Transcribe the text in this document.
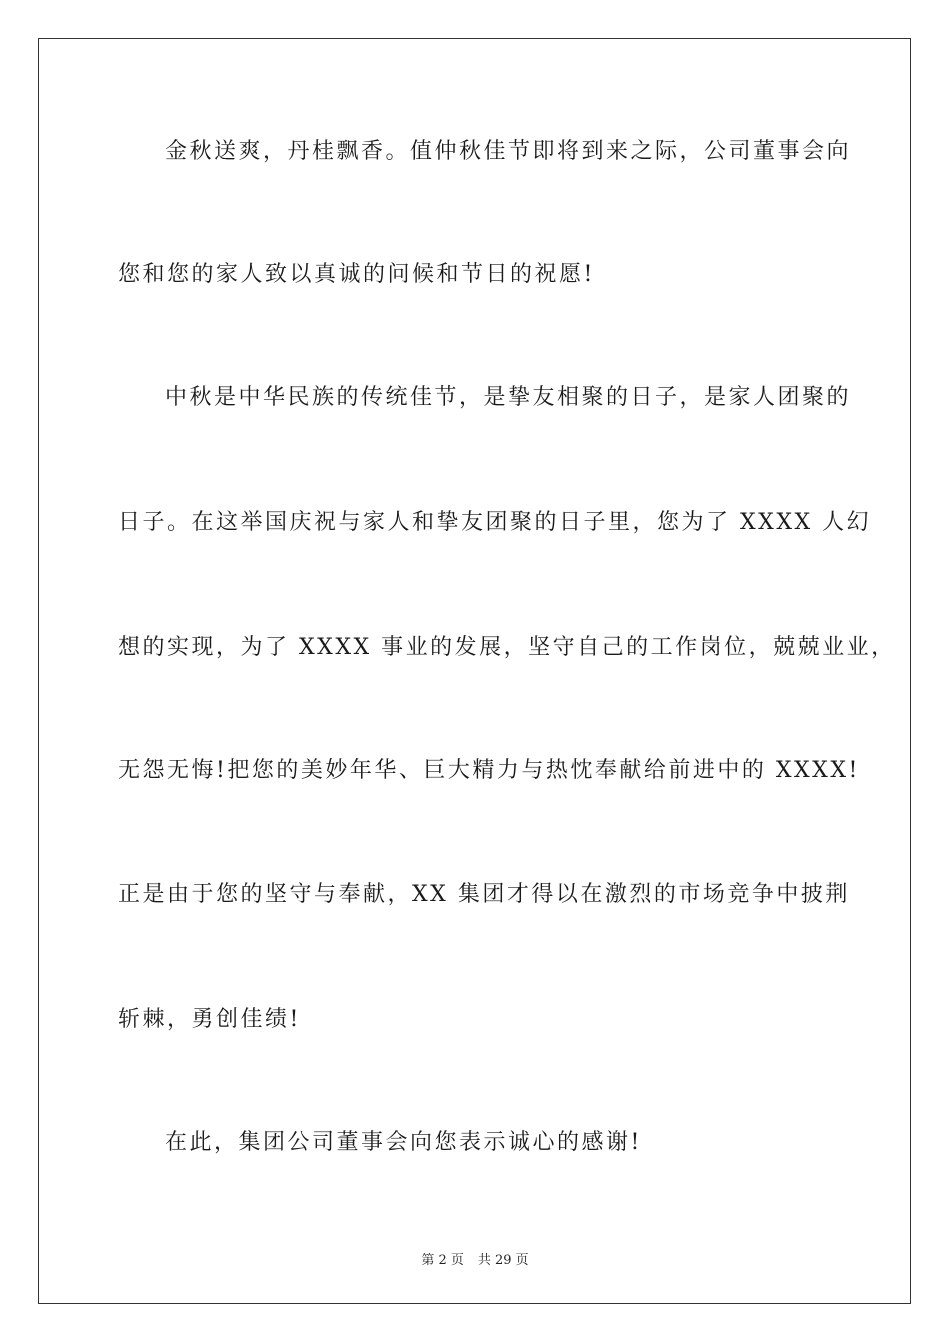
金秋送爽，丹桂飘香。值仲秋佳节即将到来之际，公司董事会向
您和您的家人致以真诚的问候和节日的祝愿!
中秋是中华民族的传统佳节，是挚友相聚的日子，是家人团聚的
日子。在这举国庆祝与家人和挚友团聚的日子里，您为了 XXXX 人幻
想的实现，为了 XXXX 事业的发展，坚守自己的工作岗位，兢兢业业，
无怨无悔!把您的美妙年华、巨大精力与热忱奉献给前进中的 XXXX!
正是由于您的坚守与奉献，XX 集团才得以在激烈的市场竞争中披荆
斩棘，勇创佳绩!
在此，集团公司董事会向您表示诚心的感谢!
第 2 页 共 29 页
